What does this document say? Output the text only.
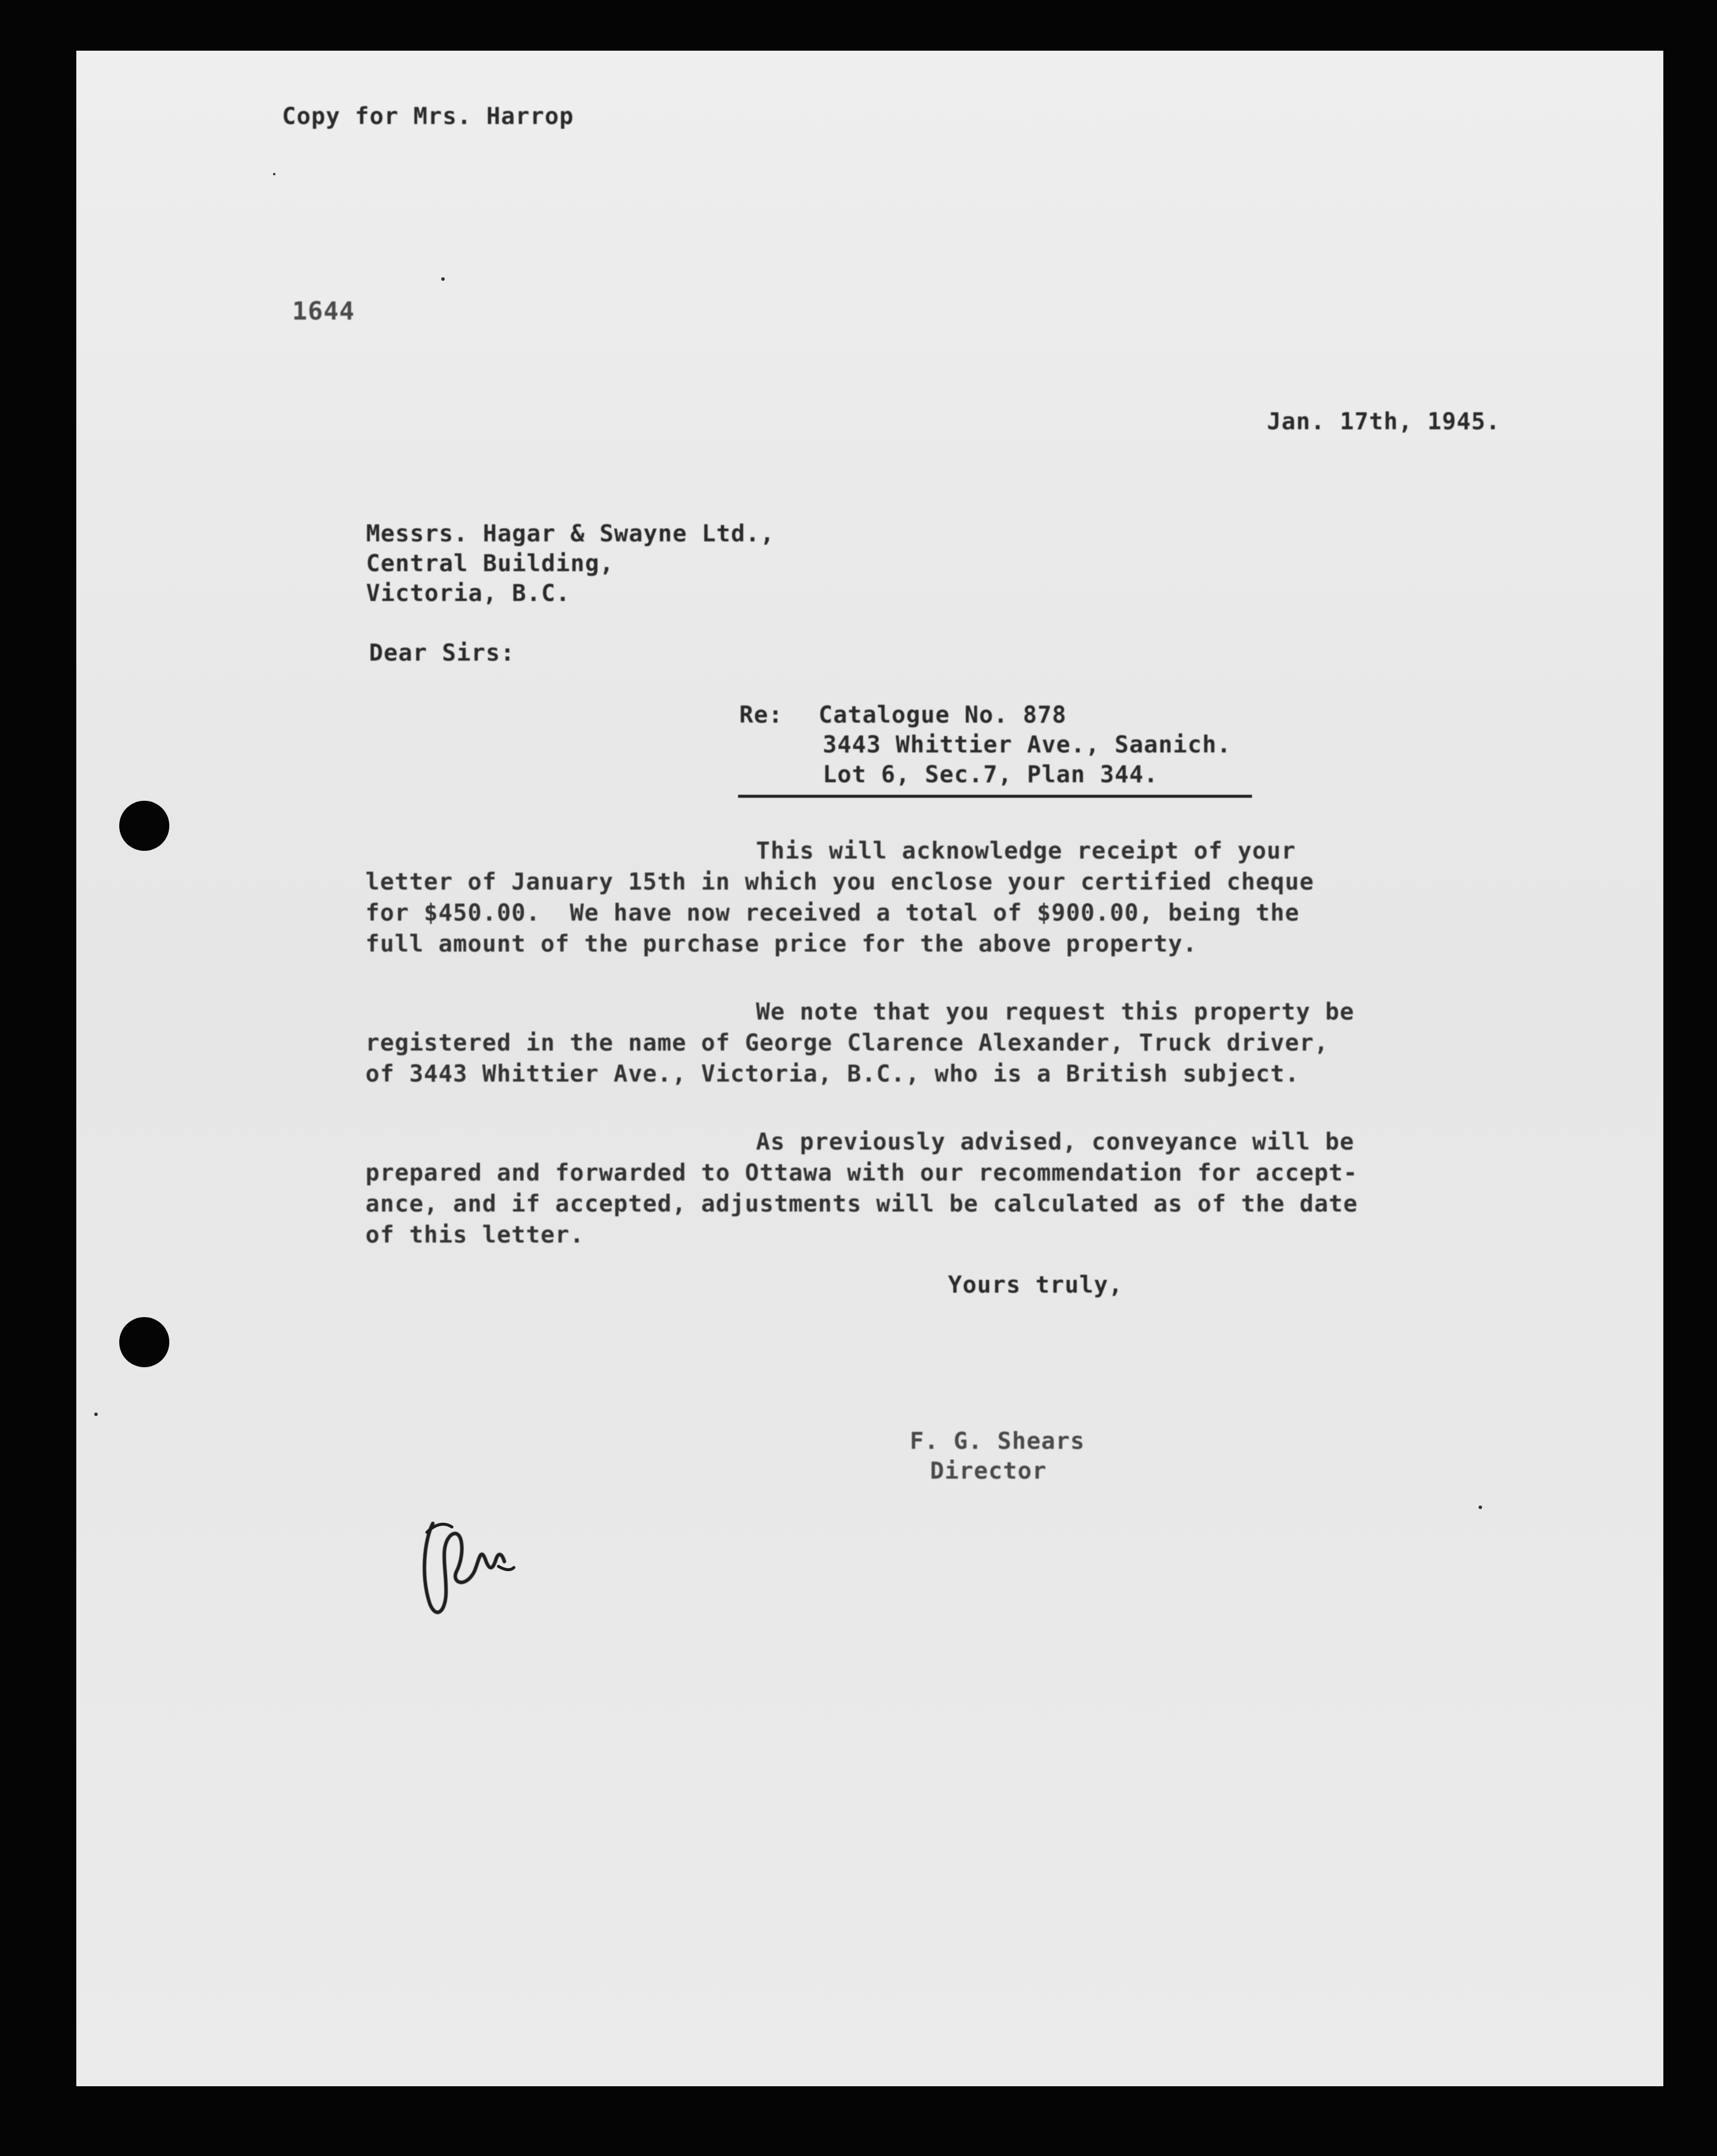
Copy for Mrs. Harrop
1644
Jan. 17th, 1945.
Messrs. Hagar & Swayne Ltd.,
Central Building,
Victoria, B.C.
Dear Sirs:
Re: Catalogue No. 878
3443 Whittier Ave., Saanich.
Lot 6, Sec.7, Plan 344.
This will acknowledge receipt of your
letter of January 15th in which you enclose your certified cheque
for $450.00.  We have now received a total of $900.00, being the
full amount of the purchase price for the above property.
We note that you request this property be
registered in the name of George Clarence Alexander, Truck driver,
of 3443 Whittier Ave., Victoria, B.C., who is a British subject.
As previously advised, conveyance will be
prepared and forwarded to Ottawa with our recommendation for accept-
ance, and if accepted, adjustments will be calculated as of the date
of this letter.
Yours truly,
F. G. Shears
Director
